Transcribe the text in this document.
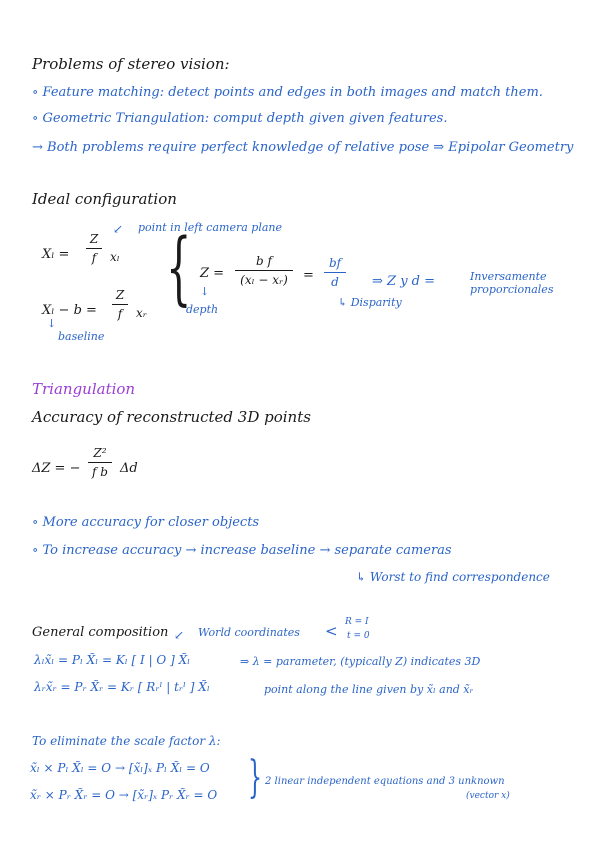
Problems of stereo vision:
∘ Feature matching: detect points and edges in both images and match them.
∘ Geometric Triangulation: comput depth given given features.
→ Both problems require perfect knowledge of relative pose ⇒ Epipolar Geometry
Ideal configuration
↙ point in left camera plane
Xₗ =
Z
f xₗ
Xₗ − b =
↓
Z
f xᵣ
baseline
{ Z =
↓
depth
b f
(xₗ − xᵣ) =
bf
d	⇒ Z y d =	Inversamente
proporcionales
↳ Disparity
Triangulation
Accuracy of reconstructed 3D points
ΔZ = −
Z²
f b Δd
∘ More accuracy for closer objects
∘ To increase accuracy → increase baseline → separate cameras
↳ Worst to find correspondence
General composition ↙ World coordinates < R = I
t = 0
λₗx̃ₗ = Pₗ X̃ₗ = Kₗ [ I | O ] X̃ₗ
λᵣx̃ᵣ = Pᵣ X̃ᵣ = Kᵣ [ Rᵣˡ | tᵣˡ ] X̃ₗ
⇒ λ = parameter, (typically Z) indicates 3D
point along the line given by x̃ₗ and x̃ᵣ
To eliminate the scale factor λ:
x̃ₗ × Pₗ X̃ₗ = O → [x̃ₗ]ₓ Pₗ X̃ₗ = O
x̃ᵣ × Pᵣ X̃ᵣ = O → [x̃ᵣ]ₓ Pᵣ X̃ᵣ = O } 2 linear independent equations and 3 unknown
(vector x)
